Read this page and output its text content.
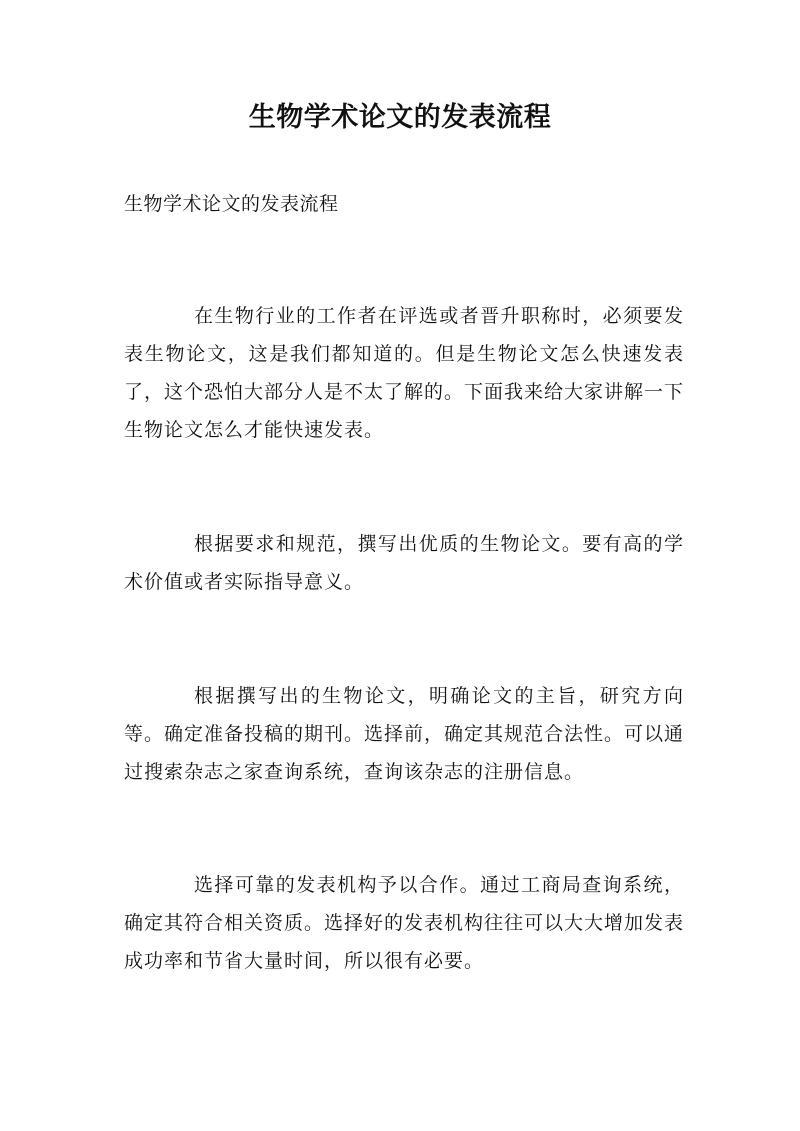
生物学术论文的发表流程
生物学术论文的发表流程

在生物行业的工作者在评选或者晋升职称时，必须要发表生物论文，这是我们都知道的。但是生物论文怎么快速发表了，这个恐怕大部分人是不太了解的。下面我来给大家讲解一下生物论文怎么才能快速发表。

根据要求和规范，撰写出优质的生物论文。要有高的学术价值或者实际指导意义。

根据撰写出的生物论文，明确论文的主旨，研究方向等。确定准备投稿的期刊。选择前，确定其规范合法性。可以通过搜索杂志之家查询系统，查询该杂志的注册信息。

选择可靠的发表机构予以合作。通过工商局查询系统，确定其符合相关资质。选择好的发表机构往往可以大大增加发表成功率和节省大量时间，所以很有必要。
